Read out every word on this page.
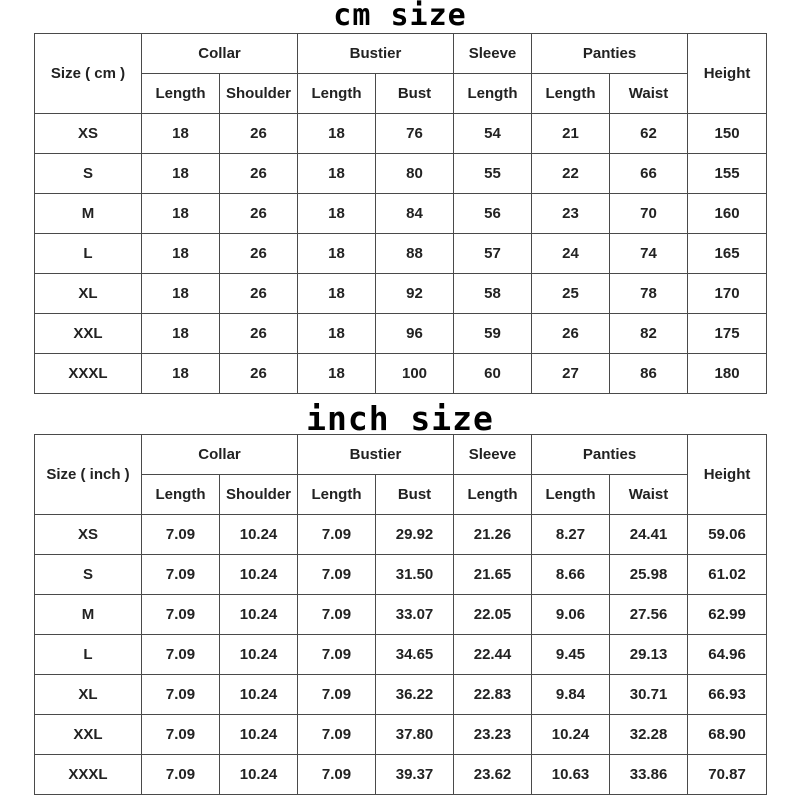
cm size
Size ( cm )	Collar		Bustier		Sleeve	Panties		Height
	Length	Shoulder	Length	Bust	Length	Length	Waist	
XS	18	26	18	76	54	21	62	150
S	18	26	18	80	55	22	66	155
M	18	26	18	84	56	23	70	160
L	18	26	18	88	57	24	74	165
XL	18	26	18	92	58	25	78	170
XXL	18	26	18	96	59	26	82	175
XXXL	18	26	18	100	60	27	86	180
inch size
Size ( inch )	Collar		Bustier		Sleeve	Panties		Height
	Length	Shoulder	Length	Bust	Length	Length	Waist	
XS	7.09	10.24	7.09	29.92	21.26	8.27	24.41	59.06
S	7.09	10.24	7.09	31.50	21.65	8.66	25.98	61.02
M	7.09	10.24	7.09	33.07	22.05	9.06	27.56	62.99
L	7.09	10.24	7.09	34.65	22.44	9.45	29.13	64.96
XL	7.09	10.24	7.09	36.22	22.83	9.84	30.71	66.93
XXL	7.09	10.24	7.09	37.80	23.23	10.24	32.28	68.90
XXXL	7.09	10.24	7.09	39.37	23.62	10.63	33.86	70.87
